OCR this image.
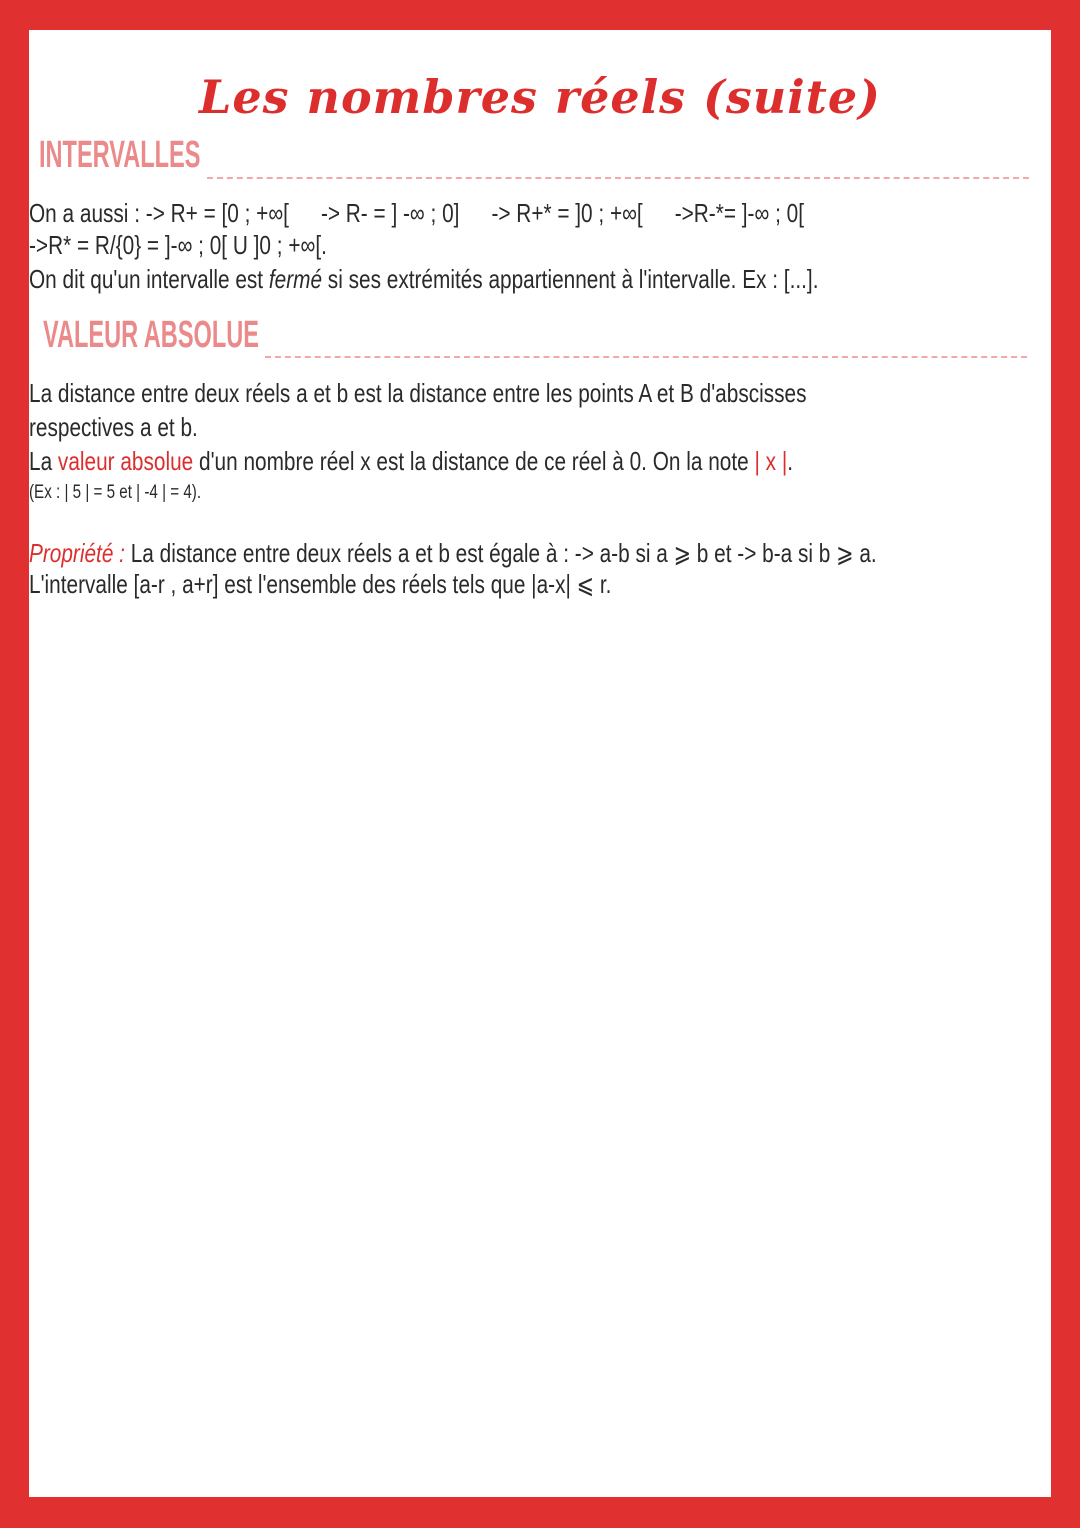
Les nombres réels (suite)
INTERVALLES
On a aussi : -> R+ = [0 ; +∞[ -> R- = ] -∞ ; 0] -> R+* = ]0 ; +∞[ ->R-*= ]-∞ ; 0[
->R* = R/{0} = ]-∞ ; 0[ U ]0 ; +∞[.
On dit qu'un intervalle est fermé si ses extrémités appartiennent à l'intervalle. Ex : [...].
VALEUR ABSOLUE
La distance entre deux réels a et b est la distance entre les points A et B d'abscisses
respectives a et b.
La valeur absolue d'un nombre réel x est la distance de ce réel à 0. On la note | x |.
(Ex : | 5 | = 5 et | -4 | = 4).
Propriété : La distance entre deux réels a et b est égale à : -> a-b si a ⩾ b et -> b-a si b ⩾ a.
L'intervalle [a-r , a+r] est l'ensemble des réels tels que |a-x| ⩽ r.
